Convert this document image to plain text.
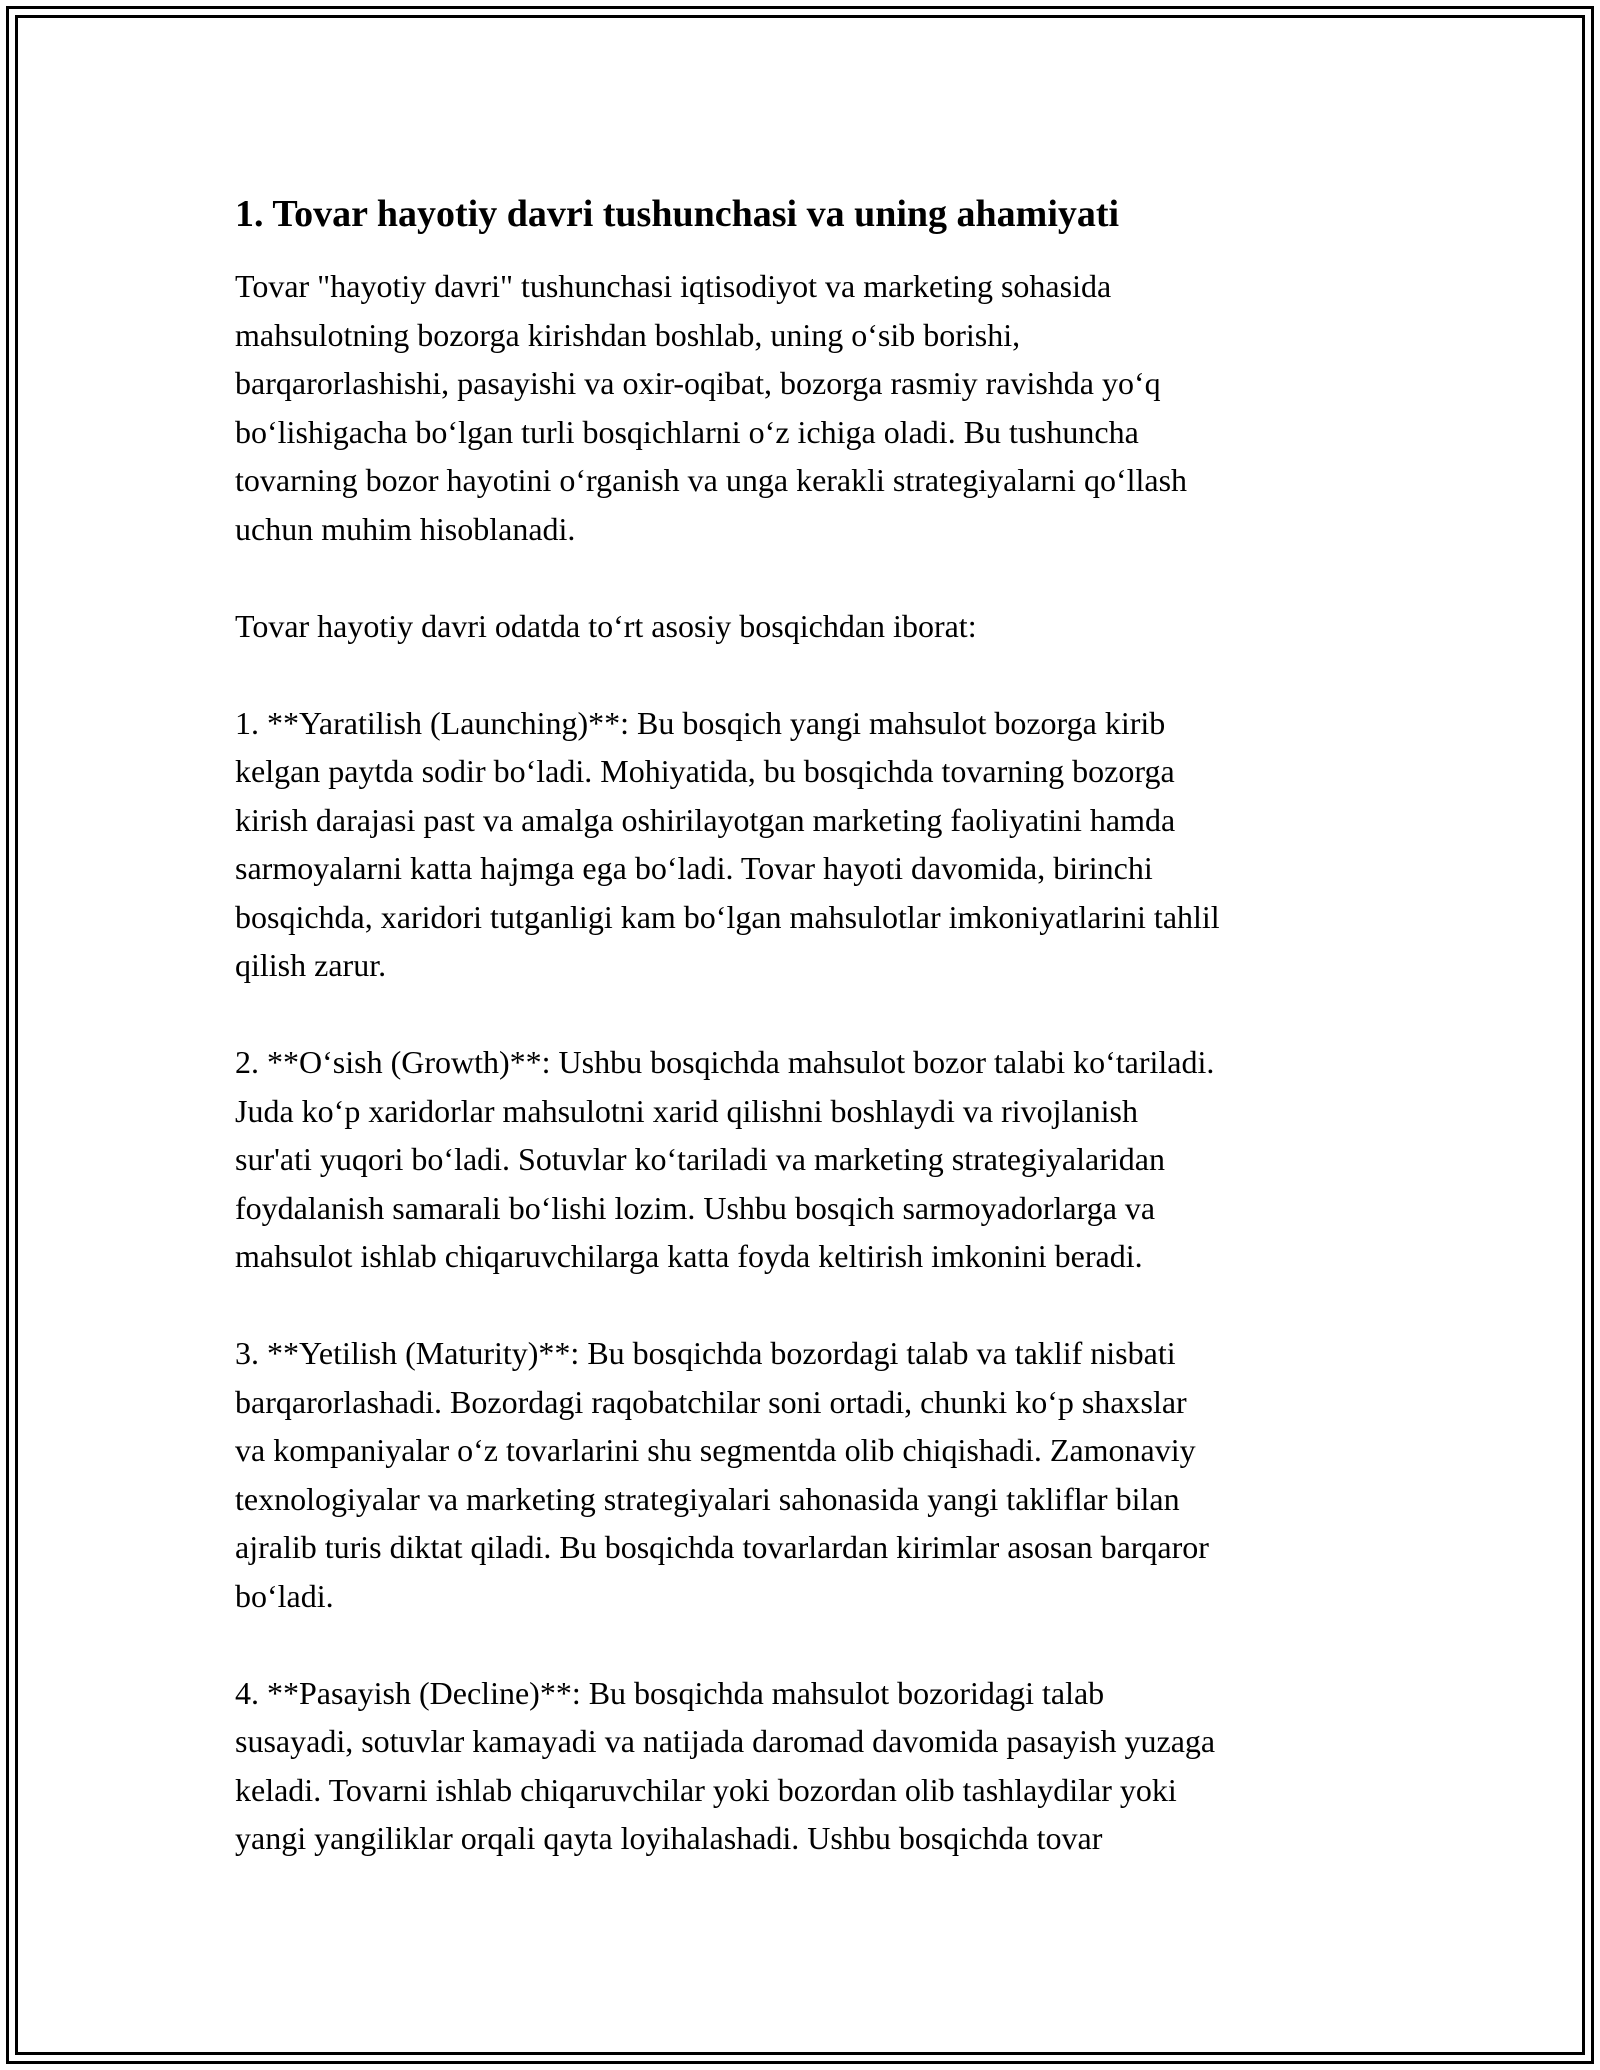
1. Tovar hayotiy davri tushunchasi va uning ahamiyati

Tovar "hayotiy davri" tushunchasi iqtisodiyot va marketing sohasida
mahsulotning bozorga kirishdan boshlab, uning o‘sib borishi,
barqarorlashishi, pasayishi va oxir-oqibat, bozorga rasmiy ravishda yo‘q
bo‘lishigacha bo‘lgan turli bosqichlarni o‘z ichiga oladi. Bu tushuncha
tovarning bozor hayotini o‘rganish va unga kerakli strategiyalarni qo‘llash
uchun muhim hisoblanadi.

Tovar hayotiy davri odatda to‘rt asosiy bosqichdan iborat:

1. **Yaratilish (Launching)**: Bu bosqich yangi mahsulot bozorga kirib
kelgan paytda sodir bo‘ladi. Mohiyatida, bu bosqichda tovarning bozorga
kirish darajasi past va amalga oshirilayotgan marketing faoliyatini hamda
sarmoyalarni katta hajmga ega bo‘ladi. Tovar hayoti davomida, birinchi
bosqichda, xaridori tutganligi kam bo‘lgan mahsulotlar imkoniyatlarini tahlil
qilish zarur.

2. **O‘sish (Growth)**: Ushbu bosqichda mahsulot bozor talabi ko‘tariladi.
Juda ko‘p xaridorlar mahsulotni xarid qilishni boshlaydi va rivojlanish
sur'ati yuqori bo‘ladi. Sotuvlar ko‘tariladi va marketing strategiyalaridan
foydalanish samarali bo‘lishi lozim. Ushbu bosqich sarmoyadorlarga va
mahsulot ishlab chiqaruvchilarga katta foyda keltirish imkonini beradi.

3. **Yetilish (Maturity)**: Bu bosqichda bozordagi talab va taklif nisbati
barqarorlashadi. Bozordagi raqobatchilar soni ortadi, chunki ko‘p shaxslar
va kompaniyalar o‘z tovarlarini shu segmentda olib chiqishadi. Zamonaviy
texnologiyalar va marketing strategiyalari sahonasida yangi takliflar bilan
ajralib turis diktat qiladi. Bu bosqichda tovarlardan kirimlar asosan barqaror
bo‘ladi.

4. **Pasayish (Decline)**: Bu bosqichda mahsulot bozoridagi talab
susayadi, sotuvlar kamayadi va natijada daromad davomida pasayish yuzaga
keladi. Tovarni ishlab chiqaruvchilar yoki bozordan olib tashlaydilar yoki
yangi yangiliklar orqali qayta loyihalashadi. Ushbu bosqichda tovar
